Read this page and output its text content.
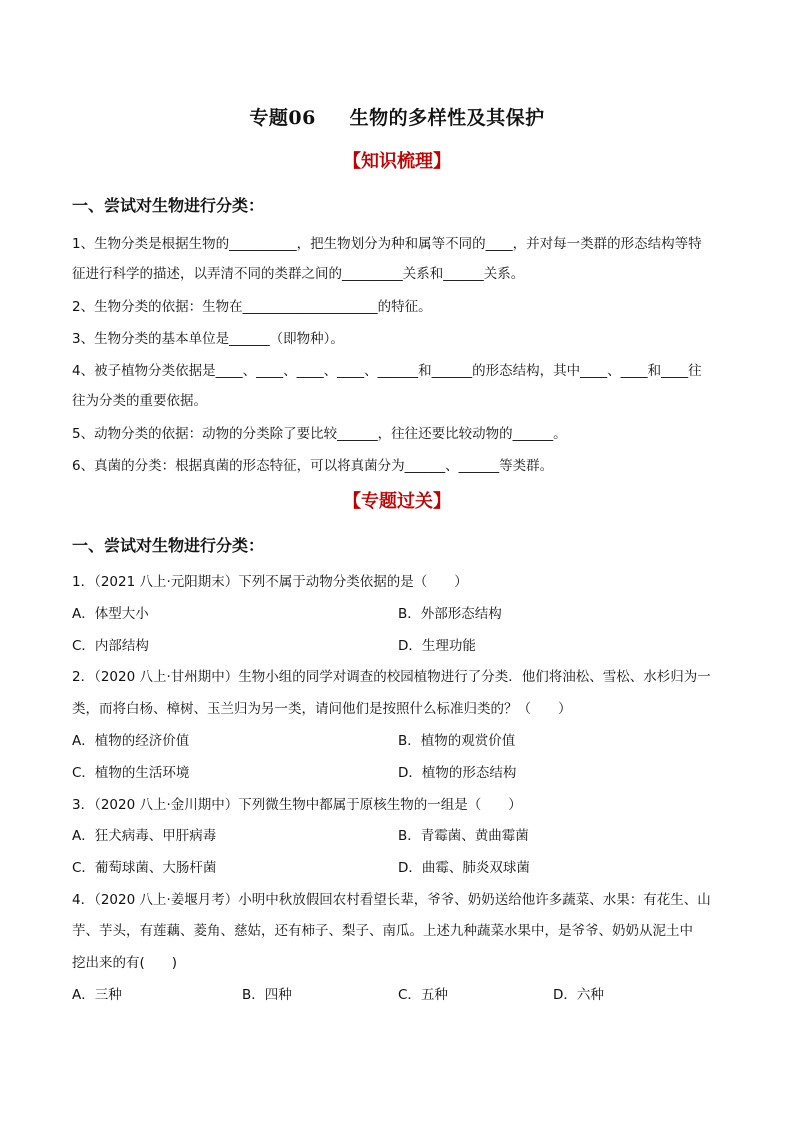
专题06　  生物的多样性及其保护
【知识梳理】
一、尝试对生物进行分类：
1、生物分类是根据生物的__________，把生物划分为种和属等不同的____，并对每一类群的形态结构等特
征进行科学的描述，以弄清不同的类群之间的_________关系和______关系。
2、生物分类的依据：生物在____________________的特征。
3、生物分类的基本单位是______（即物种）。
4、被子植物分类依据是____、____、____、____、______和______的形态结构，其中____、____和____往
往为分类的重要依据。
5、动物分类的依据：动物的分类除了要比较______，往往还要比较动物的______。
6、真菌的分类：根据真菌的形态特征，可以将真菌分为______、______等类群。
【专题过关】
一、尝试对生物进行分类：
1．（2021 八上·元阳期末）下列不属于动物分类依据的是（　　）
A．体型大小	B．外部形态结构
C．内部结构	D．生理功能
2．（2020 八上·甘州期中）生物小组的同学对调查的校园植物进行了分类．他们将油松、雪松、水杉归为一
类，而将白杨、樟树、玉兰归为另一类，请问他们是按照什么标准归类的？（　　）
A．植物的经济价值	B．植物的观赏价值
C．植物的生活环境	D．植物的形态结构
3．（2020 八上·金川期中）下列微生物中都属于原核生物的一组是（　　）
A．狂犬病毒、甲肝病毒	B．青霉菌、黄曲霉菌
C．葡萄球菌、大肠杆菌	D．曲霉、肺炎双球菌
4．（2020 八上·姜堰月考）小明中秋放假回农村看望长辈，爷爷、奶奶送给他许多蔬菜、水果：有花生、山
芋、芋头，有莲藕、菱角、慈姑，还有柿子、梨子、南瓜。上述九种蔬菜水果中，是爷爷、奶奶从泥土中
挖出来的有(　　)
A．三种	B．四种	C．五种	D．六种
